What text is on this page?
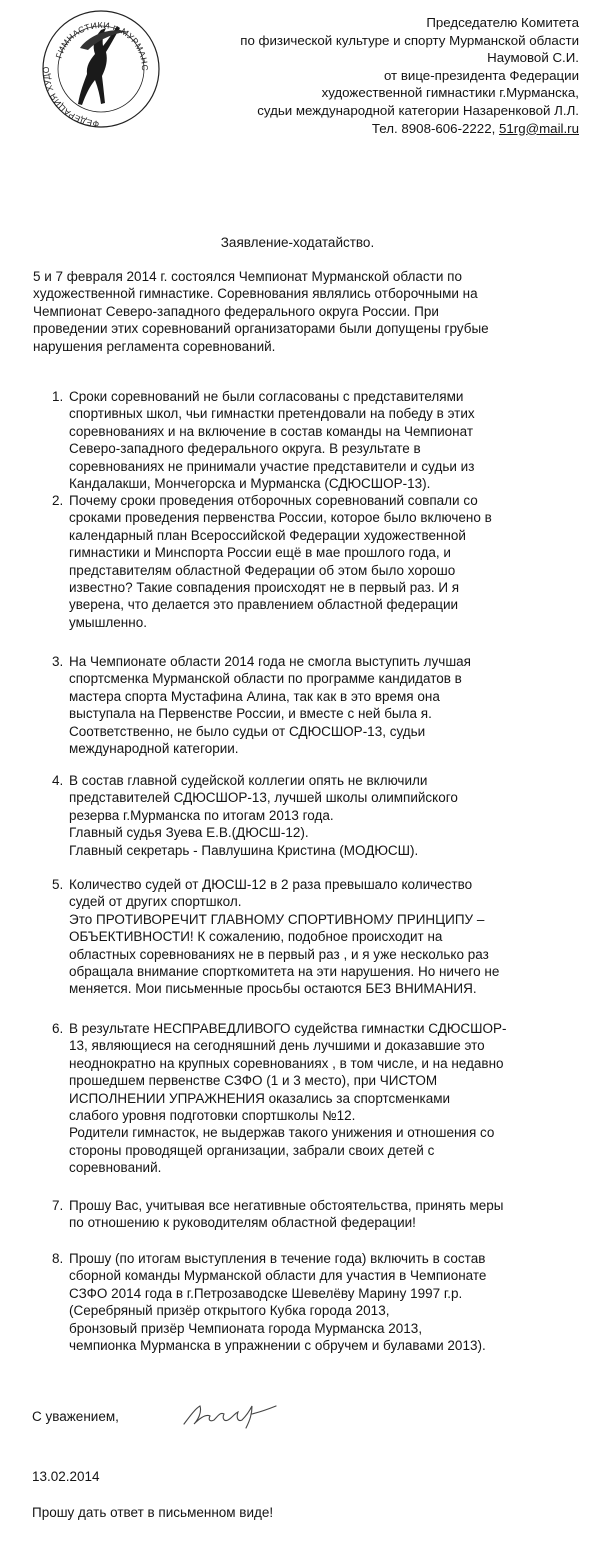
ГИМНАСТИКИ г. МУРМАНС
ФЕДЕРАЦИЯ ХУДО
Председателю Комитета
по физической культуре и спорту Мурманской области
Наумовой С.И.
от вице-президента Федерации
художественной гимнастики г.Мурманска,
судьи международной категории Назаренковой Л.Л.
Тел. 8908-606-2222, 51rg@mail.ru
Заявление-ходатайство.
5 и 7 февраля 2014 г. состоялся Чемпионат Мурманской области по
художественной гимнастике. Соревнования являлись отборочными на
Чемпионат Северо-западного федерального округа России. При
проведении этих соревнований организаторами были допущены грубые
нарушения регламента соревнований.
1. Сроки соревнований не были согласованы с представителями
спортивных школ, чьи гимнастки претендовали на победу в этих
соревнованиях и на включение в состав команды на Чемпионат
Северо-западного федерального округа. В результате в
соревнованиях не принимали участие представители и судьи из
Кандалакши, Мончегорска и Мурманска (СДЮСШОР-13).
2. Почему сроки проведения отборочных соревнований совпали со
сроками проведения первенства России, которое было включено в
календарный план Всероссийской Федерации художественной
гимнастики и Минспорта России ещё в мае прошлого года, и
представителям областной Федерации об этом было хорошо
известно? Такие совпадения происходят не в первый раз. И я
уверена, что делается это правлением областной федерации
умышленно.
3. На Чемпионате области 2014 года не смогла выступить лучшая
спортсменка Мурманской области по программе кандидатов в
мастера спорта Мустафина Алина, так как в это время она
выступала на Первенстве России, и вместе с ней была я.
Соответственно, не было судьи от СДЮСШОР-13, судьи
международной категории.
4. В состав главной судейской коллегии опять не включили
представителей СДЮСШОР-13, лучшей школы олимпийского
резерва г.Мурманска по итогам 2013 года.
Главный судья Зуева Е.В.(ДЮСШ-12).
Главный секретарь - Павлушина Кристина (МОДЮСШ).
5. Количество судей от ДЮСШ-12 в 2 раза превышало количество
судей от других спортшкол.
Это ПРОТИВОРЕЧИТ ГЛАВНОМУ СПОРТИВНОМУ ПРИНЦИПУ –
ОБЪЕКТИВНОСТИ! К сожалению, подобное происходит на
областных соревнованиях не в первый раз , и я уже несколько раз
обращала внимание спорткомитета на эти нарушения. Но ничего не
меняется. Мои письменные просьбы остаются БЕЗ ВНИМАНИЯ.
6. В результате НЕСПРАВЕДЛИВОГО судейства гимнастки СДЮСШОР-
13, являющиеся на сегодняшний день лучшими и доказавшие это
неоднократно на крупных соревнованиях , в том числе, и на недавно
прошедшем первенстве СЗФО (1 и 3 место), при ЧИСТОМ
ИСПОЛНЕНИИ УПРАЖНЕНИЯ оказались за спортсменками
слабого уровня подготовки спортшколы №12.
Родители гимнасток, не выдержав такого унижения и отношения со
стороны проводящей организации, забрали своих детей с
соревнований.
7. Прошу Вас, учитывая все негативные обстоятельства, принять меры
по отношению к руководителям областной федерации!
8. Прошу (по итогам выступления в течение года) включить в состав
сборной команды Мурманской области для участия в Чемпионате
СЗФО 2014 года в г.Петрозаводске Шевелёву Марину 1997 г.р.
(Серебряный призёр открытого Кубка города 2013,
бронзовый призёр Чемпионата города Мурманска 2013,
чемпионка Мурманска в упражнении с обручем и булавами 2013).
С уважением,
13.02.2014
Прошу дать ответ в письменном виде!
